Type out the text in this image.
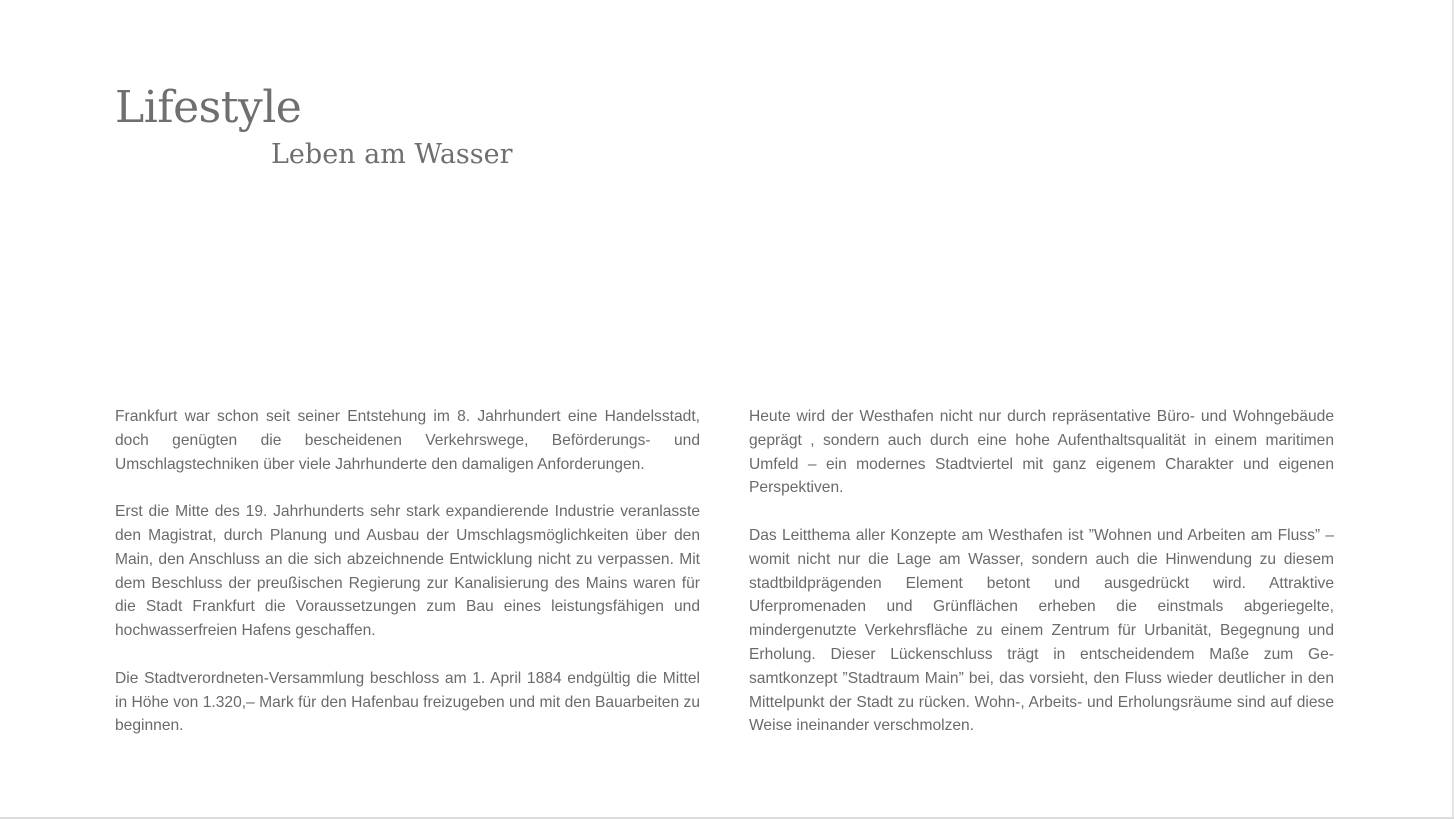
Lifestyle
Leben am Wasser

Frankfurt war schon seit seiner Entstehung im 8. Jahrhundert eine Handelsstadt, doch genügten die bescheidenen Verkehrswege, Beförderungs- und Umschlagstechniken über viele Jahrhunderte den damaligen Anforderungen.

Erst die Mitte des 19. Jahrhunderts sehr stark expandierende Industrie veranlasste den Magistrat, durch Planung und Ausbau der Umschlagsmöglichkeiten über den Main, den Anschluss an die sich abzeichnende Entwicklung nicht zu verpassen. Mit dem Beschluss der preußischen Regierung zur Kanalisierung des Mains waren für die Stadt Frankfurt die Voraussetzungen zum Bau eines leistungsfähigen und hochwasserfreien Hafens geschaffen.

Die Stadtverordneten-Versammlung beschloss am 1. April 1884 endgültig die Mittel in Höhe von 1.320,– Mark für den Hafenbau freizugeben und mit den Bauarbeiten zu beginnen.

Heute wird der Westhafen nicht nur durch repräsentative Büro- und Wohngebäude geprägt , sondern auch durch eine hohe Aufenthaltsqualität in einem maritimen Umfeld – ein modernes Stadtviertel mit ganz eigenem Charakter und eigenen Perspektiven.

Das Leitthema aller Konzepte am Westhafen ist ”Wohnen und Arbeiten am Fluss” – womit nicht nur die Lage am Wasser, sondern auch die Hinwendung zu diesem stadtbildprägenden Element betont und ausgedrückt wird. Attraktive Uferpromenaden und Grünflächen erheben die einstmals abgeriegelte, mindergenutzte Verkehrsfläche zu einem Zentrum für Urbanität, Begegnung und Erholung. Dieser Lückenschluss trägt in entscheidendem Maße zum Gesamtkonzept ”Stadtraum Main” bei, das vorsieht, den Fluss wieder deutlicher in den Mittelpunkt der Stadt zu rücken. Wohn-, Arbeits- und Erholungsräume sind auf diese Weise ineinander verschmolzen.
